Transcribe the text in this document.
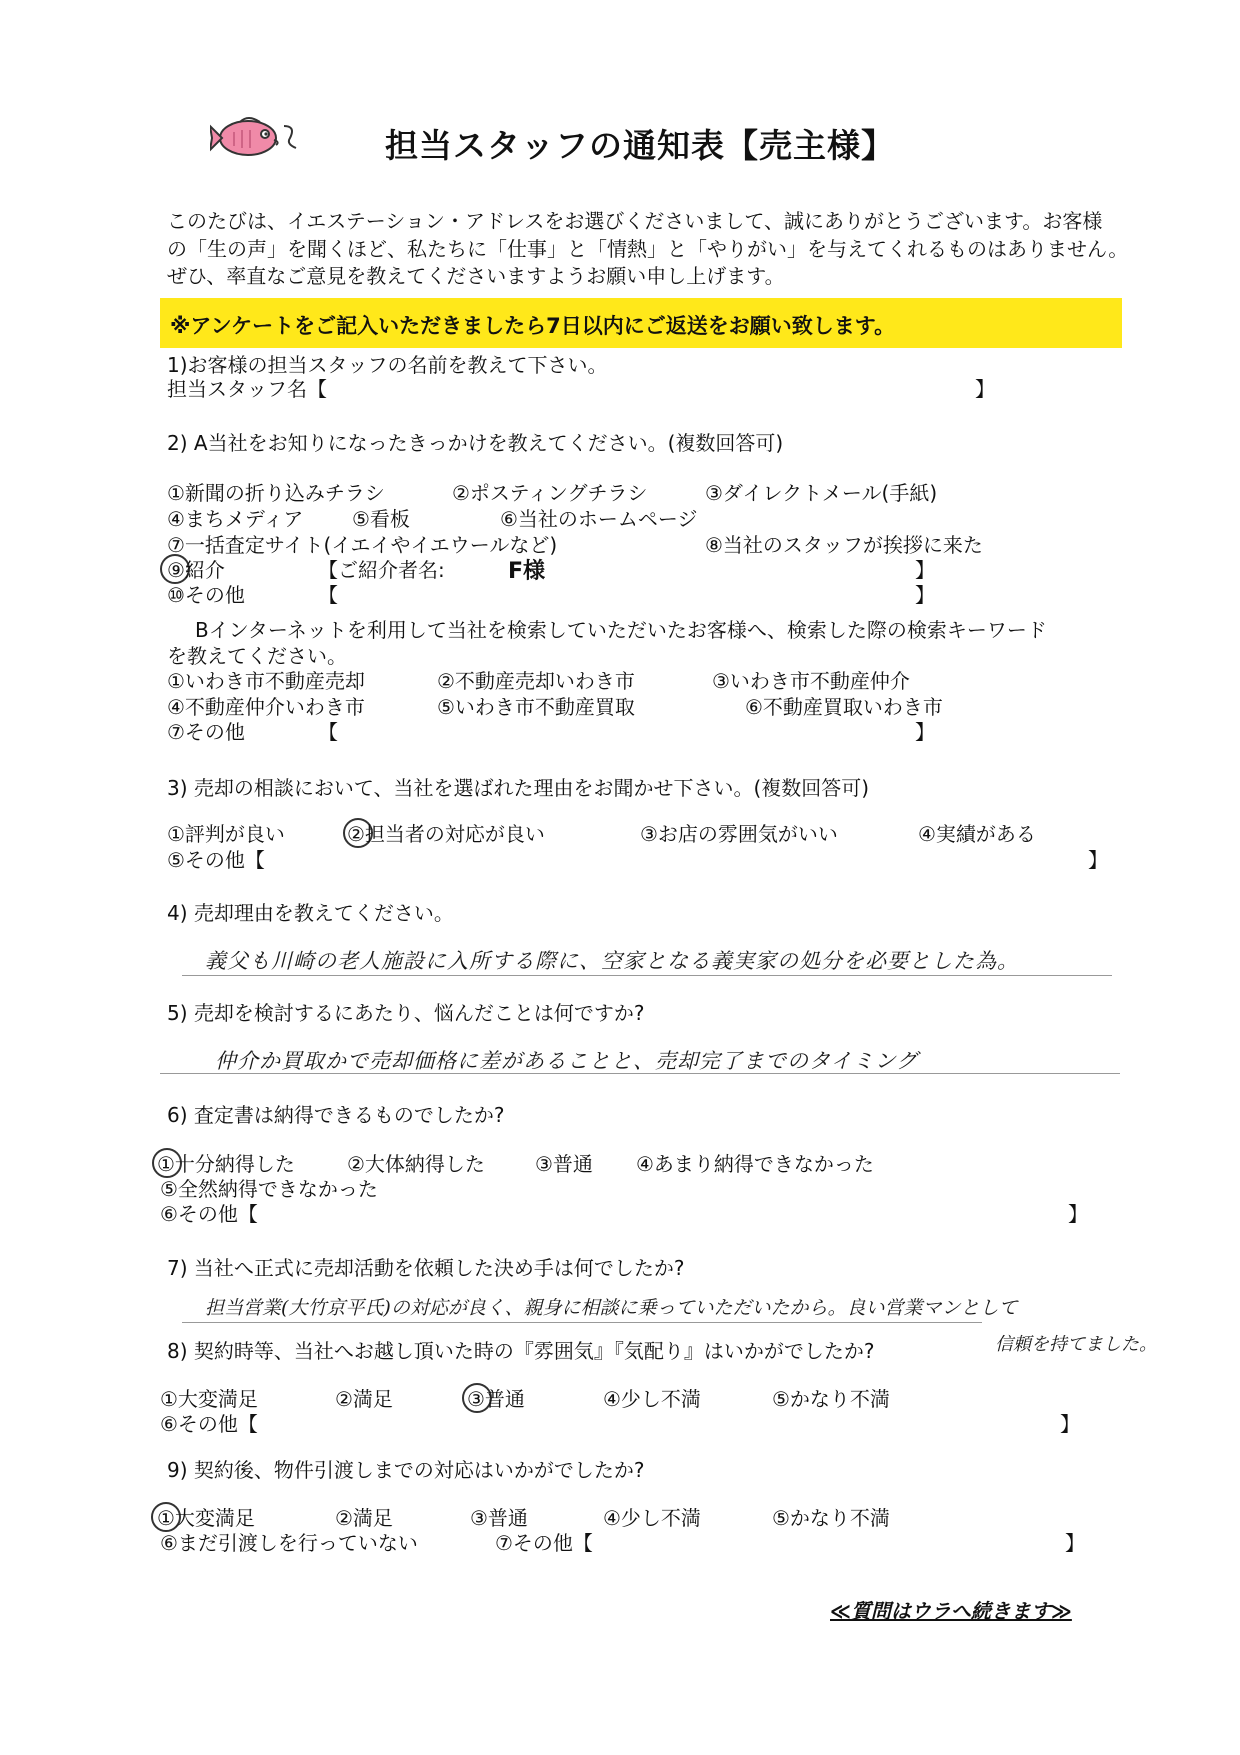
担当スタッフの通知表【売主様】
このたびは、イエステーション・アドレスをお選びくださいまして、誠にありがとうございます。お客様
の「生の声」を聞くほど、私たちに「仕事」と「情熱」と「やりがい」を与えてくれるものはありません。
ぜひ、率直なご意見を教えてくださいますようお願い申し上げます。
※アンケートをご記入いただきましたら7日以内にご返送をお願い致します。
1)お客様の担当スタッフの名前を教えて下さい。
担当スタッフ名【	】
2) A当社をお知りになったきっかけを教えてください。(複数回答可)
①新聞の折り込みチラシ	②ポスティングチラシ	③ダイレクトメール(手紙)
④まちメディア ⑤看板	⑥当社のホームページ
⑦一括査定サイト(イエイやイエウールなど)	⑧当社のスタッフが挨拶に来た
⑨紹介	【ご紹介者名:	F様	】
⑩その他	【	】
Bインターネットを利用して当社を検索していただいたお客様へ、検索した際の検索キーワード
を教えてください。
①いわき市不動産売却	②不動産売却いわき市	③いわき市不動産仲介
④不動産仲介いわき市	⑤いわき市不動産買取	⑥不動産買取いわき市
⑦その他	【	】
3) 売却の相談において、当社を選ばれた理由をお聞かせ下さい。(複数回答可)
①評判が良い	②担当者の対応が良い	③お店の雰囲気がいい	④実績がある
⑤その他【	】
4) 売却理由を教えてください。
義父も川崎の老人施設に入所する際に、空家となる義実家の処分を必要とした為。
5) 売却を検討するにあたり、悩んだことは何ですか?
仲介か買取かで売却価格に差があることと、売却完了までのタイミング
6) 査定書は納得できるものでしたか?
①十分納得した	②大体納得した	③普通 ④あまり納得できなかった
⑤全然納得できなかった
⑥その他【	】
7) 当社へ正式に売却活動を依頼した決め手は何でしたか?
担当営業(大竹京平氏)の対応が良く、親身に相談に乗っていただいたから。良い営業マンとして
信頼を持てました。
8) 契約時等、当社へお越し頂いた時の『雰囲気』『気配り』はいかがでしたか?
①大変満足	②満足	③普通	④少し不満	⑤かなり不満
⑥その他【	】
9) 契約後、物件引渡しまでの対応はいかがでしたか?
①大変満足	②満足	③普通	④少し不満	⑤かなり不満
⑥まだ引渡しを行っていない	⑦その他【	】
≪質問はウラへ続きます≫
